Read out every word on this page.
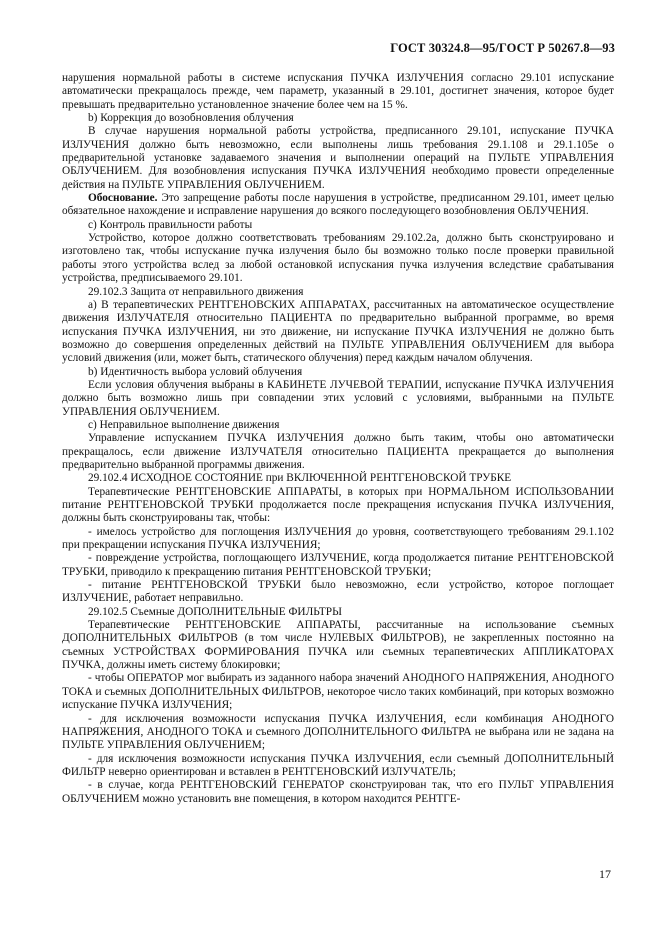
ГОСТ 30324.8—95/ГОСТ Р 50267.8—93

нарушения нормальной работы в системе испускания ПУЧКА ИЗЛУЧЕНИЯ согласно 29.101 испускание автоматически прекращалось прежде, чем параметр, указанный в 29.101, достигнет значения, которое будет превышать предварительно установленное значение более чем на 15 %.

b) Коррекция до возобновления облучения

В случае нарушения нормальной работы устройства, предписанного 29.101, испускание ПУЧКА ИЗЛУЧЕНИЯ должно быть невозможно, если выполнены лишь требования 29.1.108 и 29.1.105e о предварительной установке задаваемого значения и выполнении операций на ПУЛЬТЕ УПРАВЛЕНИЯ ОБЛУЧЕНИЕМ. Для возобновления испускания ПУЧКА ИЗЛУЧЕНИЯ необходимо провести определенные действия на ПУЛЬТЕ УПРАВЛЕНИЯ ОБЛУЧЕНИЕМ.

Обоснование. Это запрещение работы после нарушения в устройстве, предписанном 29.101, имеет целью обязательное нахождение и исправление нарушения до всякого последующего возобновления ОБЛУЧЕНИЯ.

c) Контроль правильности работы

Устройство, которое должно соответствовать требованиям 29.102.2a, должно быть сконструировано и изготовлено так, чтобы испускание пучка излучения было бы возможно только после проверки правильной работы этого устройства вслед за любой остановкой испускания пучка излучения вследствие срабатывания устройства, предписываемого 29.101.

29.102.3 Защита от неправильного движения

a) В терапевтических РЕНТГЕНОВСКИХ АППАРАТАХ, рассчитанных на автоматическое осуществление движения ИЗЛУЧАТЕЛЯ относительно ПАЦИЕНТА по предварительно выбранной программе, во время испускания ПУЧКА ИЗЛУЧЕНИЯ, ни это движение, ни испускание ПУЧКА ИЗЛУЧЕНИЯ не должно быть возможно до совершения определенных действий на ПУЛЬТЕ УПРАВЛЕНИЯ ОБЛУЧЕНИЕМ для выбора условий движения (или, может быть, статического облучения) перед каждым началом облучения.

b) Идентичность выбора условий облучения

Если условия облучения выбраны в КАБИНЕТЕ ЛУЧЕВОЙ ТЕРАПИИ, испускание ПУЧКА ИЗЛУЧЕНИЯ должно быть возможно лишь при совпадении этих условий с условиями, выбранными на ПУЛЬТЕ УПРАВЛЕНИЯ ОБЛУЧЕНИЕМ.

c) Неправильное выполнение движения

Управление испусканием ПУЧКА ИЗЛУЧЕНИЯ должно быть таким, чтобы оно автоматически прекращалось, если движение ИЗЛУЧАТЕЛЯ относительно ПАЦИЕНТА прекращается до выполнения предварительно выбранной программы движения.

29.102.4 ИСХОДНОЕ СОСТОЯНИЕ при ВКЛЮЧЕННОЙ РЕНТГЕНОВСКОЙ ТРУБКЕ

Терапевтические РЕНТГЕНОВСКИЕ АППАРАТЫ, в которых при НОРМАЛЬНОМ ИСПОЛЬЗОВАНИИ питание РЕНТГЕНОВСКОЙ ТРУБКИ продолжается после прекращения испускания ПУЧКА ИЗЛУЧЕНИЯ, должны быть сконструированы так, чтобы:

- имелось устройство для поглощения ИЗЛУЧЕНИЯ до уровня, соответствующего требованиям 29.1.102 при прекращении испускания ПУЧКА ИЗЛУЧЕНИЯ;

- повреждение устройства, поглощающего ИЗЛУЧЕНИЕ, когда продолжается питание РЕНТГЕНОВСКОЙ ТРУБКИ, приводило к прекращению питания РЕНТГЕНОВСКОЙ ТРУБКИ;

- питание РЕНТГЕНОВСКОЙ ТРУБКИ было невозможно, если устройство, которое поглощает ИЗЛУЧЕНИЕ, работает неправильно.

29.102.5 Съемные ДОПОЛНИТЕЛЬНЫЕ ФИЛЬТРЫ

Терапевтические РЕНТГЕНОВСКИЕ АППАРАТЫ, рассчитанные на использование съемных ДОПОЛНИТЕЛЬНЫХ ФИЛЬТРОВ (в том числе НУЛЕВЫХ ФИЛЬТРОВ), не закрепленных постоянно на съемных УСТРОЙСТВАХ ФОРМИРОВАНИЯ ПУЧКА или съемных терапевтических АППЛИКАТОРАХ ПУЧКА, должны иметь систему блокировки;

- чтобы ОПЕРАТОР мог выбирать из заданного набора значений АНОДНОГО НАПРЯЖЕНИЯ, АНОДНОГО ТОКА и съемных ДОПОЛНИТЕЛЬНЫХ ФИЛЬТРОВ, некоторое число таких комбинаций, при которых возможно испускание ПУЧКА ИЗЛУЧЕНИЯ;

- для исключения возможности испускания ПУЧКА ИЗЛУЧЕНИЯ, если комбинация АНОДНОГО НАПРЯЖЕНИЯ, АНОДНОГО ТОКА и съемного ДОПОЛНИТЕЛЬНОГО ФИЛЬТРА не выбрана или не задана на ПУЛЬТЕ УПРАВЛЕНИЯ ОБЛУЧЕНИЕМ;

- для исключения возможности испускания ПУЧКА ИЗЛУЧЕНИЯ, если съемный ДОПОЛНИТЕЛЬНЫЙ ФИЛЬТР неверно ориентирован и вставлен в РЕНТГЕНОВСКИЙ ИЗЛУЧАТЕЛЬ;

- в случае, когда РЕНТГЕНОВСКИЙ ГЕНЕРАТОР сконструирован так, что его ПУЛЬТ УПРАВЛЕНИЯ ОБЛУЧЕНИЕМ можно установить вне помещения, в котором находится РЕНТГЕ-

17
